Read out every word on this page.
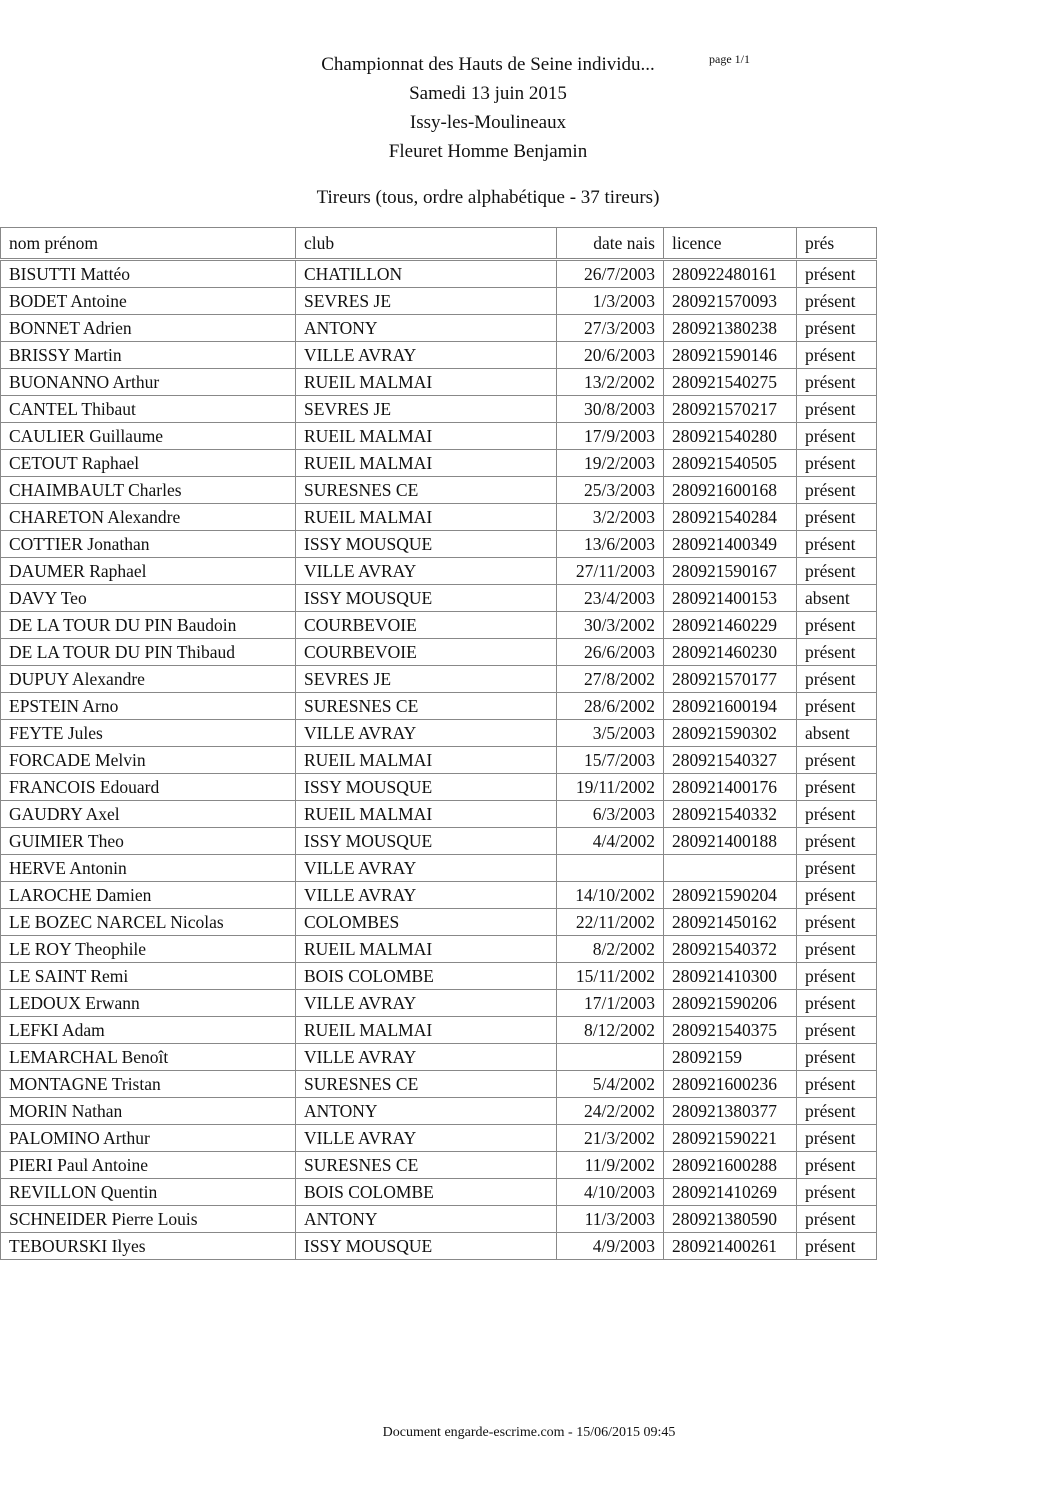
Championnat des Hauts de Seine individu...
Samedi 13 juin 2015
Issy-les-Moulineaux
Fleuret Homme Benjamin
page 1/1
Tireurs (tous, ordre alphabétique - 37 tireurs)
nom prénom	club	date nais	licence	prés
BISUTTI Mattéo	CHATILLON	26/7/2003	280922480161	présent
BODET Antoine	SEVRES JE	1/3/2003	280921570093	présent
BONNET Adrien	ANTONY	27/3/2003	280921380238	présent
BRISSY Martin	VILLE AVRAY	20/6/2003	280921590146	présent
BUONANNO Arthur	RUEIL MALMAI	13/2/2002	280921540275	présent
CANTEL Thibaut	SEVRES JE	30/8/2003	280921570217	présent
CAULIER Guillaume	RUEIL MALMAI	17/9/2003	280921540280	présent
CETOUT Raphael	RUEIL MALMAI	19/2/2003	280921540505	présent
CHAIMBAULT Charles	SURESNES CE	25/3/2003	280921600168	présent
CHARETON Alexandre	RUEIL MALMAI	3/2/2003	280921540284	présent
COTTIER Jonathan	ISSY MOUSQUE	13/6/2003	280921400349	présent
DAUMER Raphael	VILLE AVRAY	27/11/2003	280921590167	présent
DAVY Teo	ISSY MOUSQUE	23/4/2003	280921400153	absent
DE LA TOUR DU PIN Baudoin	COURBEVOIE	30/3/2002	280921460229	présent
DE LA TOUR DU PIN Thibaud	COURBEVOIE	26/6/2003	280921460230	présent
DUPUY Alexandre	SEVRES JE	27/8/2002	280921570177	présent
EPSTEIN Arno	SURESNES CE	28/6/2002	280921600194	présent
FEYTE Jules	VILLE AVRAY	3/5/2003	280921590302	absent
FORCADE Melvin	RUEIL MALMAI	15/7/2003	280921540327	présent
FRANCOIS Edouard	ISSY MOUSQUE	19/11/2002	280921400176	présent
GAUDRY Axel	RUEIL MALMAI	6/3/2003	280921540332	présent
GUIMIER Theo	ISSY MOUSQUE	4/4/2002	280921400188	présent
HERVE Antonin	VILLE AVRAY			présent
LAROCHE Damien	VILLE AVRAY	14/10/2002	280921590204	présent
LE BOZEC NARCEL Nicolas	COLOMBES	22/11/2002	280921450162	présent
LE ROY Theophile	RUEIL MALMAI	8/2/2002	280921540372	présent
LE SAINT Remi	BOIS COLOMBE	15/11/2002	280921410300	présent
LEDOUX Erwann	VILLE AVRAY	17/1/2003	280921590206	présent
LEFKI Adam	RUEIL MALMAI	8/12/2002	280921540375	présent
LEMARCHAL Benoît	VILLE AVRAY		28092159	présent
MONTAGNE Tristan	SURESNES CE	5/4/2002	280921600236	présent
MORIN Nathan	ANTONY	24/2/2002	280921380377	présent
PALOMINO Arthur	VILLE AVRAY	21/3/2002	280921590221	présent
PIERI Paul Antoine	SURESNES CE	11/9/2002	280921600288	présent
REVILLON Quentin	BOIS COLOMBE	4/10/2003	280921410269	présent
SCHNEIDER Pierre Louis	ANTONY	11/3/2003	280921380590	présent
TEBOURSKI Ilyes	ISSY MOUSQUE	4/9/2003	280921400261	présent
Document engarde-escrime.com - 15/06/2015 09:45
